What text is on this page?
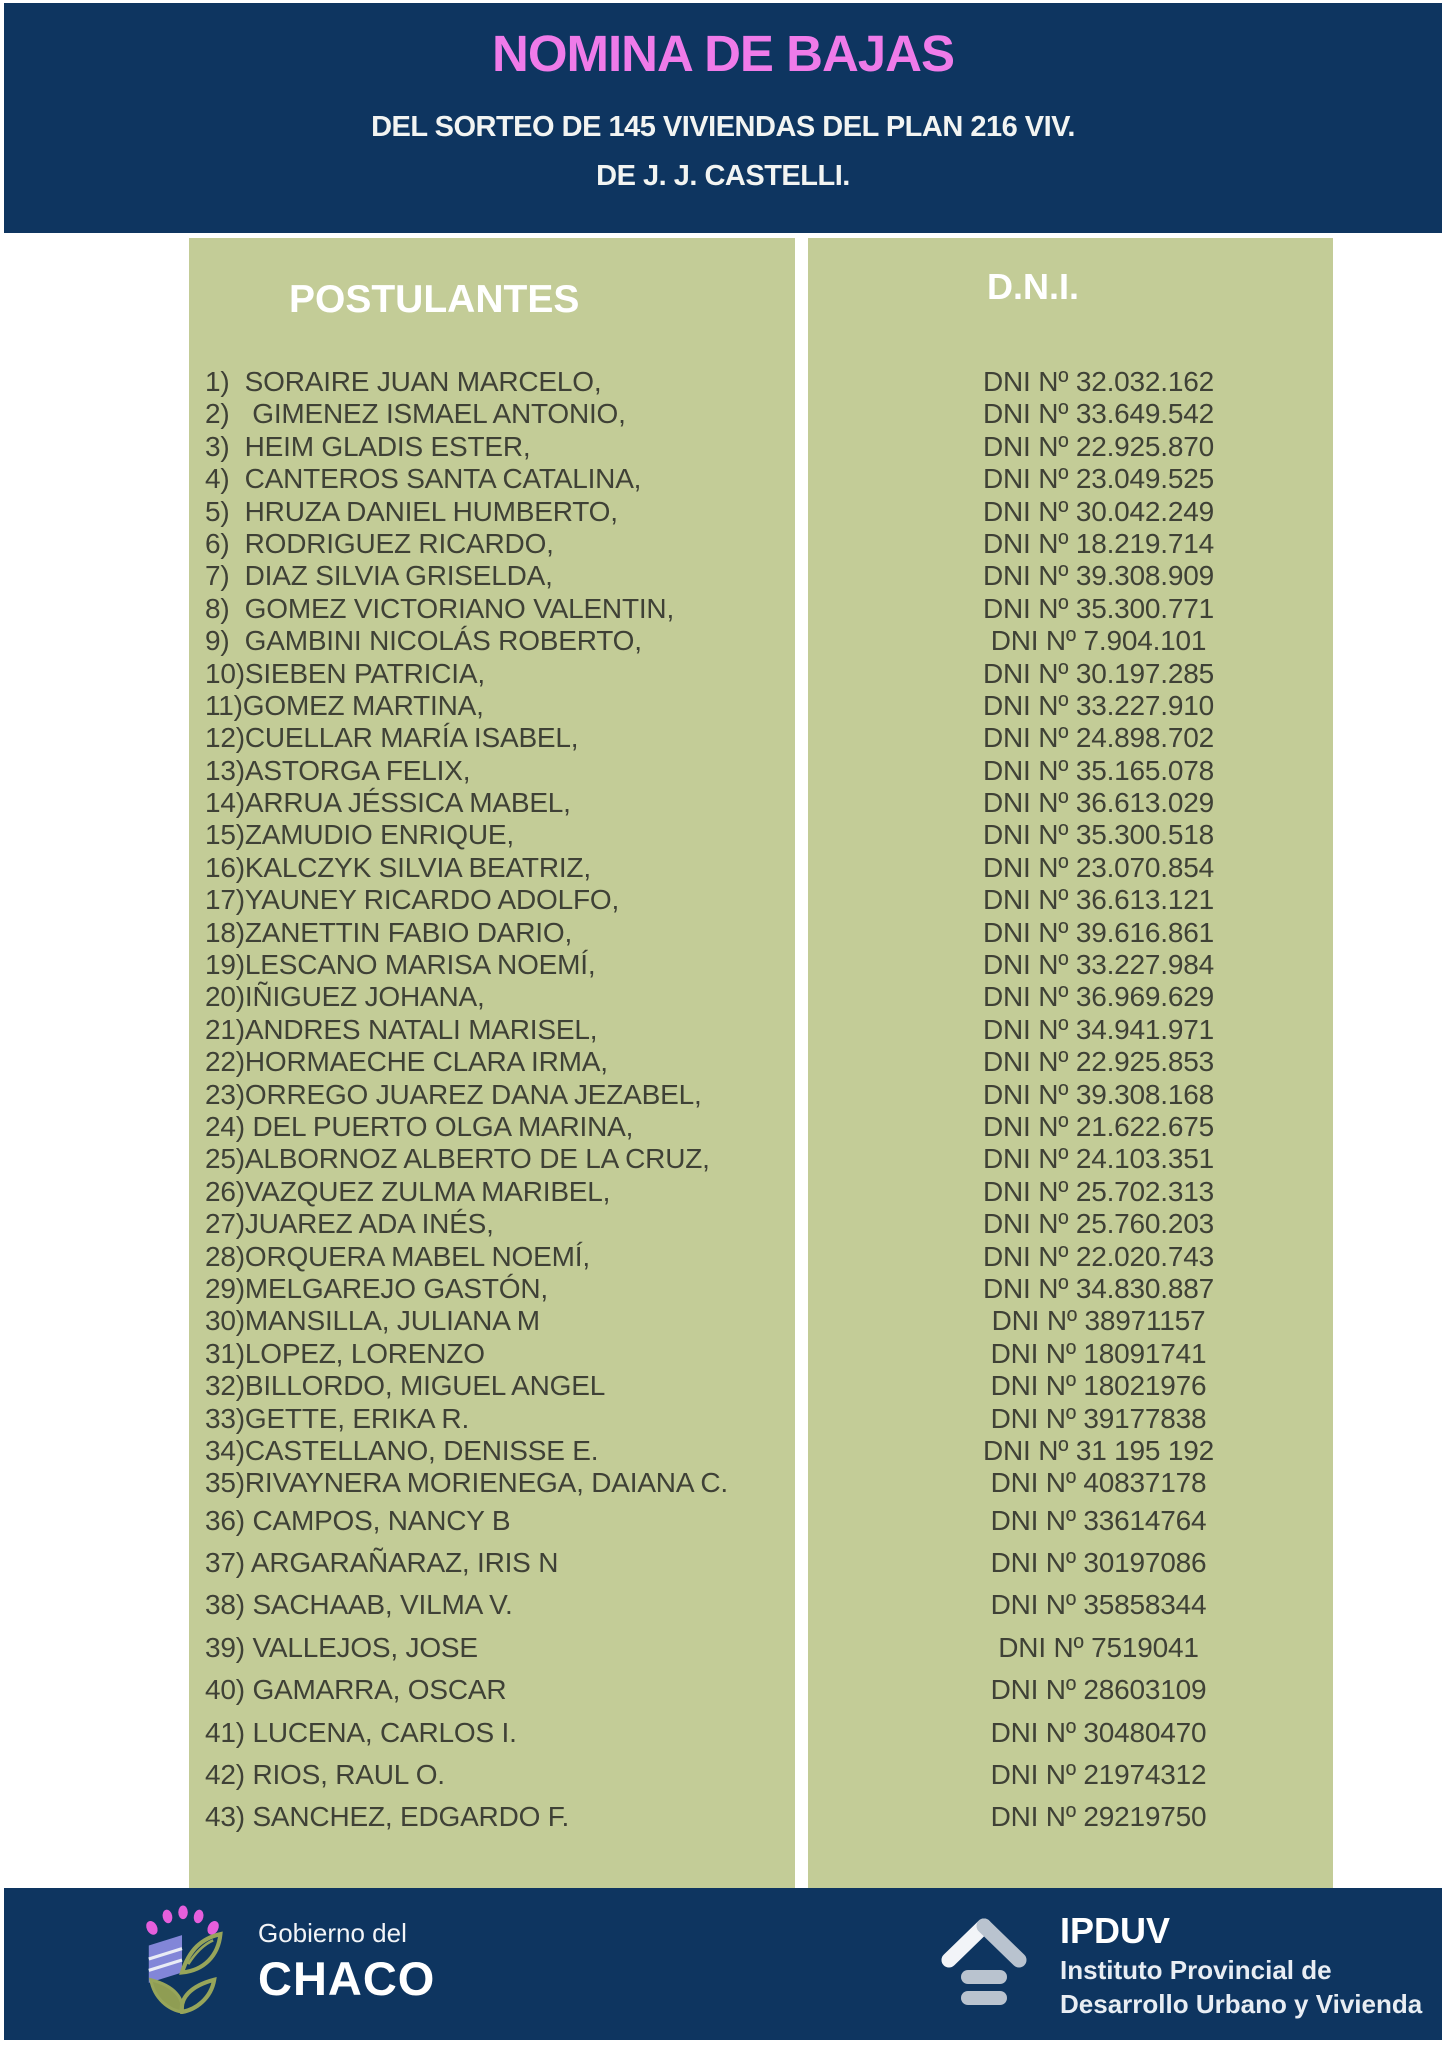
NOMINA DE BAJAS
DEL SORTEO DE 145 VIVIENDAS DEL PLAN 216 VIV.
DE J. J. CASTELLI.
POSTULANTES
1)  SORAIRE JUAN MARCELO,
2)   GIMENEZ ISMAEL ANTONIO,
3)  HEIM GLADIS ESTER,
4)  CANTEROS SANTA CATALINA,
5)  HRUZA DANIEL HUMBERTO,
6)  RODRIGUEZ RICARDO,
7)  DIAZ SILVIA GRISELDA,
8)  GOMEZ VICTORIANO VALENTIN,
9)  GAMBINI NICOLÁS ROBERTO,
10)SIEBEN PATRICIA,
11)GOMEZ MARTINA,
12)CUELLAR MARÍA ISABEL,
13)ASTORGA FELIX,
14)ARRUA JÉSSICA MABEL,
15)ZAMUDIO ENRIQUE,
16)KALCZYK SILVIA BEATRIZ,
17)YAUNEY RICARDO ADOLFO,
18)ZANETTIN FABIO DARIO,
19)LESCANO MARISA NOEMÍ,
20)IÑIGUEZ JOHANA,
21)ANDRES NATALI MARISEL,
22)HORMAECHE CLARA IRMA,
23)ORREGO JUAREZ DANA JEZABEL,
24) DEL PUERTO OLGA MARINA,
25)ALBORNOZ ALBERTO DE LA CRUZ,
26)VAZQUEZ ZULMA MARIBEL,
27)JUAREZ ADA INÉS,
28)ORQUERA MABEL NOEMÍ,
29)MELGAREJO GASTÓN,
30)MANSILLA, JULIANA M
31)LOPEZ, LORENZO
32)BILLORDO, MIGUEL ANGEL
33)GETTE, ERIKA R.
34)CASTELLANO, DENISSE E.
35)RIVAYNERA MORIENEGA, DAIANA C.
36) CAMPOS, NANCY B
37) ARGARAÑARAZ, IRIS N
38) SACHAAB, VILMA V.
39) VALLEJOS, JOSE
40) GAMARRA, OSCAR
41) LUCENA, CARLOS I.
42) RIOS, RAUL O.
43) SANCHEZ, EDGARDO F.
D.N.I.
DNI Nº 32.032.162
DNI Nº 33.649.542
DNI Nº 22.925.870
DNI Nº 23.049.525
DNI Nº 30.042.249
DNI Nº 18.219.714
DNI Nº 39.308.909
DNI Nº 35.300.771
DNI Nº 7.904.101
DNI Nº 30.197.285
DNI Nº 33.227.910
DNI Nº 24.898.702
DNI Nº 35.165.078
DNI Nº 36.613.029
DNI Nº 35.300.518
DNI Nº 23.070.854
DNI Nº 36.613.121
DNI Nº 39.616.861
DNI Nº 33.227.984
DNI Nº 36.969.629
DNI Nº 34.941.971
DNI Nº 22.925.853
DNI Nº 39.308.168
DNI Nº 21.622.675
DNI Nº 24.103.351
DNI Nº 25.702.313
DNI Nº 25.760.203
DNI Nº 22.020.743
DNI Nº 34.830.887
DNI Nº 38971157
DNI Nº 18091741
DNI Nº 18021976
DNI Nº 39177838
DNI Nº 31 195 192
DNI Nº 40837178
DNI Nº 33614764
DNI Nº 30197086
DNI Nº 35858344
DNI Nº 7519041
DNI Nº 28603109
DNI Nº 30480470
DNI Nº 21974312
DNI Nº 29219750
Gobierno del
CHACO
IPDUV
Instituto Provincial de
Desarrollo Urbano y Vivienda
